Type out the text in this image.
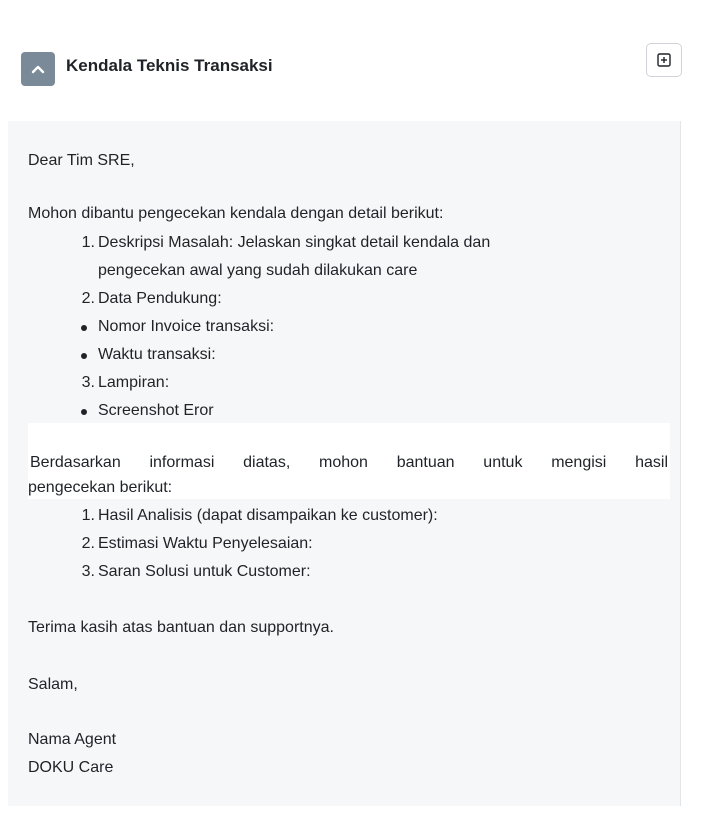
Kendala Teknis Transaksi
Dear Tim SRE,
Mohon dibantu pengecekan kendala dengan detail berikut:
1. Deskripsi Masalah: Jelaskan singkat detail kendala dan
pengecekan awal yang sudah dilakukan care
2. Data Pendukung:
Nomor Invoice transaksi:
Waktu transaksi:
3. Lampiran:
Screenshot Eror
Berdasarkan informasi diatas, mohon bantuan untuk mengisi hasil
pengecekan berikut:
1. Hasil Analisis (dapat disampaikan ke customer):
2. Estimasi Waktu Penyelesaian:
3. Saran Solusi untuk Customer:
Terima kasih atas bantuan dan supportnya.
Salam,
Nama Agent
DOKU Care
